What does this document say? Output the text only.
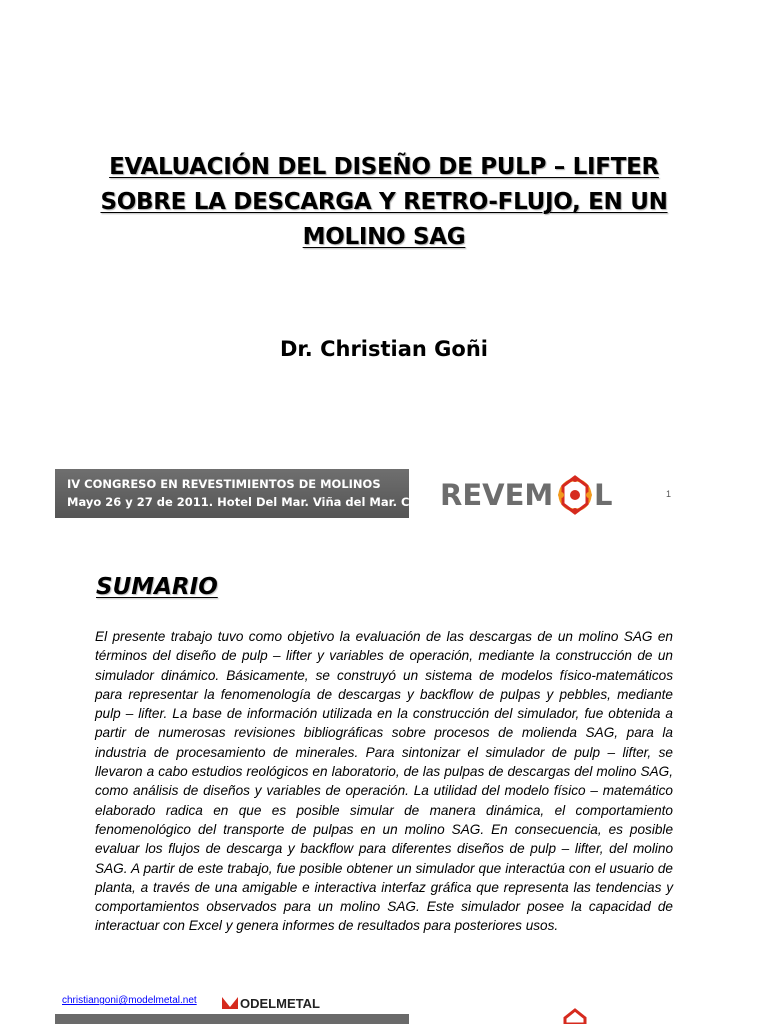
EVALUACIÓN DEL DISEÑO DE PULP – LIFTER
SOBRE LA DESCARGA Y RETRO-FLUJO, EN UN
MOLINO SAG
Dr. Christian Goñi
IV CONGRESO EN REVESTIMIENTOS DE MOLINOS
Mayo 26 y 27 de 2011. Hotel Del Mar. Viña del Mar. CHILE REVEM L	1
SUMARIO
El presente trabajo tuvo como objetivo la evaluación de las descargas de un molino SAG en términos del diseño de pulp – lifter y variables de operación, mediante la construcción de un simulador dinámico. Básicamente, se construyó un sistema de modelos físico-matemáticos para representar la fenomenología de descargas y backflow de pulpas y pebbles, mediante pulp – lifter. La base de información utilizada en la construcción del simulador, fue obtenida a partir de numerosas revisiones bibliográficas sobre procesos de molienda SAG, para la industria de procesamiento de minerales. Para sintonizar el simulador de pulp – lifter, se llevaron a cabo estudios reológicos en laboratorio, de las pulpas de descargas del molino SAG, como análisis de diseños y variables de operación. La utilidad del modelo físico – matemático elaborado radica en que es posible simular de manera dinámica, el comportamiento fenomenológico del transporte de pulpas en un molino SAG. En consecuencia, es posible evaluar los flujos de descarga y backflow para diferentes diseños de pulp – lifter, del molino SAG. A partir de este trabajo, fue posible obtener un simulador que interactúa con el usuario de planta, a través de una amigable e interactiva interfaz gráfica que representa las tendencias y comportamientos observados para un molino SAG. Este simulador posee la capacidad de interactuar con Excel y genera informes de resultados para posteriores usos.
christiangoni@modelmetal.net	ODELMETAL
